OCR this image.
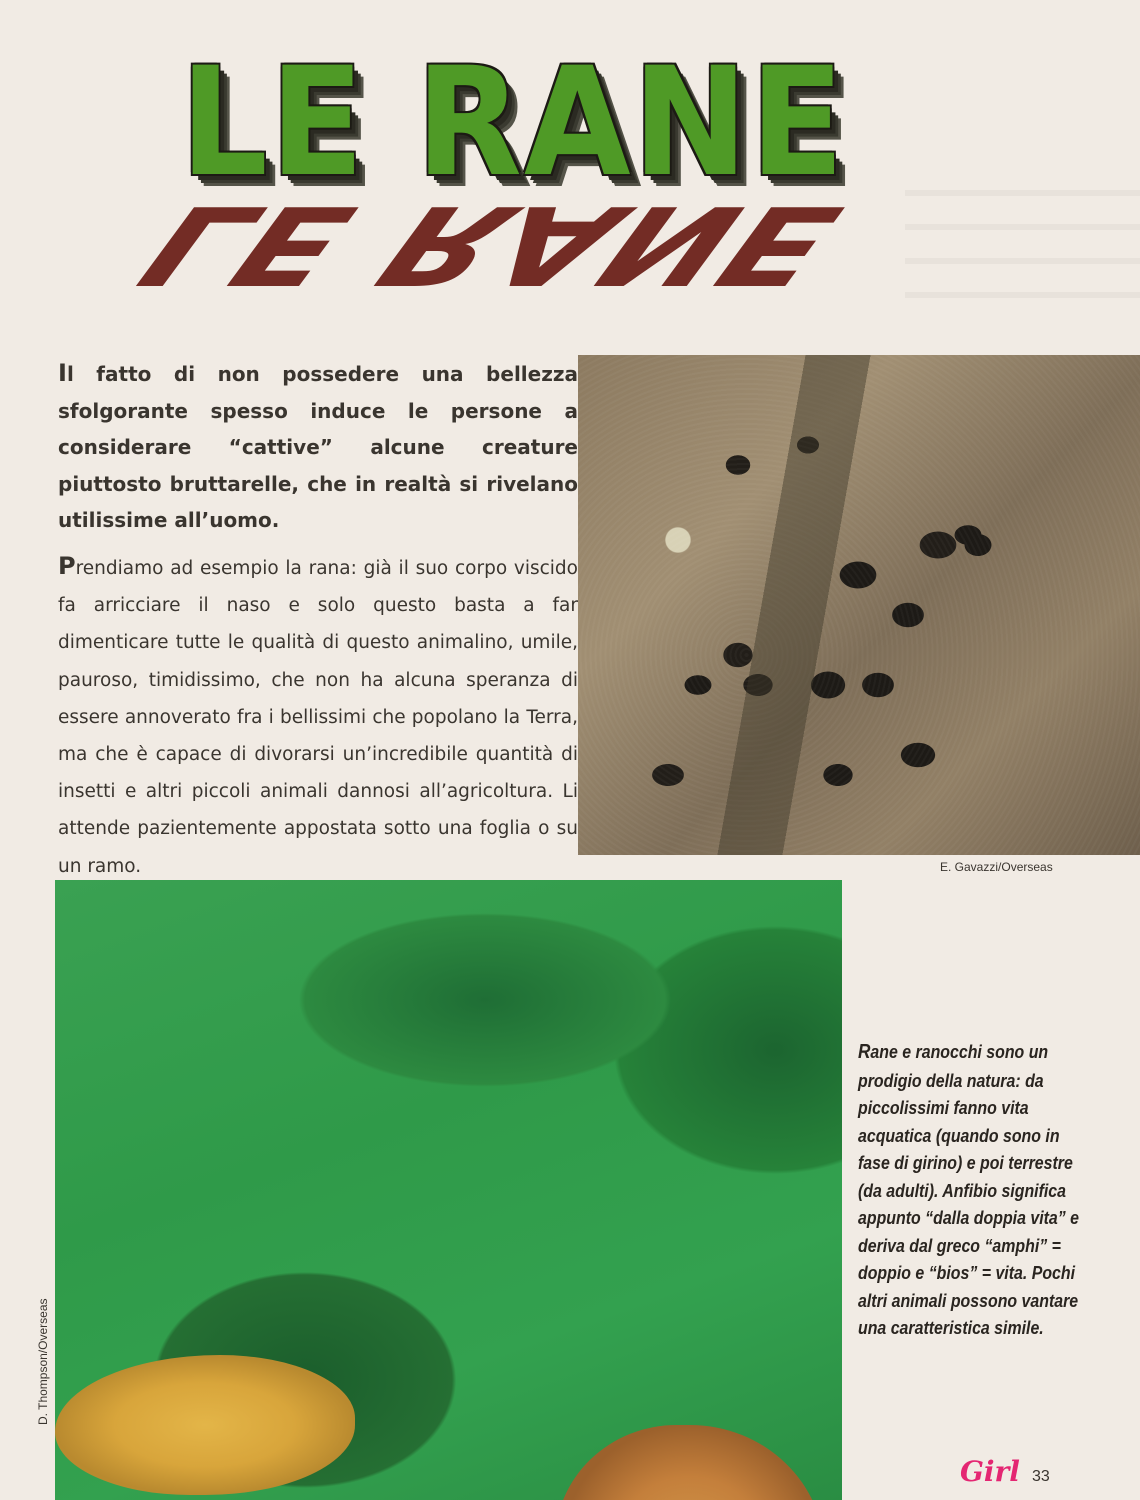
LE RANE
LE RANE

Il fatto di non possedere una bellezza sfolgorante spesso induce le persone a considerare “cattive” alcune creature piuttosto bruttarelle, che in realtà si rivelano utilissime all’uomo.

Prendiamo ad esempio la rana: già il suo corpo viscido fa arricciare il naso e solo questo basta a far dimenticare tutte le qualità di questo animalino, umile, pauroso, timidissimo, che non ha alcuna speranza di essere annoverato fra i bellissimi che popolano la Terra, ma che è capace di divorarsi un’incredibile quantità di insetti e altri piccoli animali dannosi all’agricoltura. Li attende pazientemente appostata sotto una foglia o su un ramo.	E. Gavazzi/Overseas

D. Thompson/Overseas

Rane e ranocchi sono un prodigio della natura: da piccolissimi fanno vita acquatica (quando sono in fase di girino) e poi terrestre (da adulti). Anfibio significa appunto “dalla doppia vita” e deriva dal greco “amphi” = doppio e “bios” = vita. Pochi altri animali possono vantare una caratteristica simile.

Girl 33
